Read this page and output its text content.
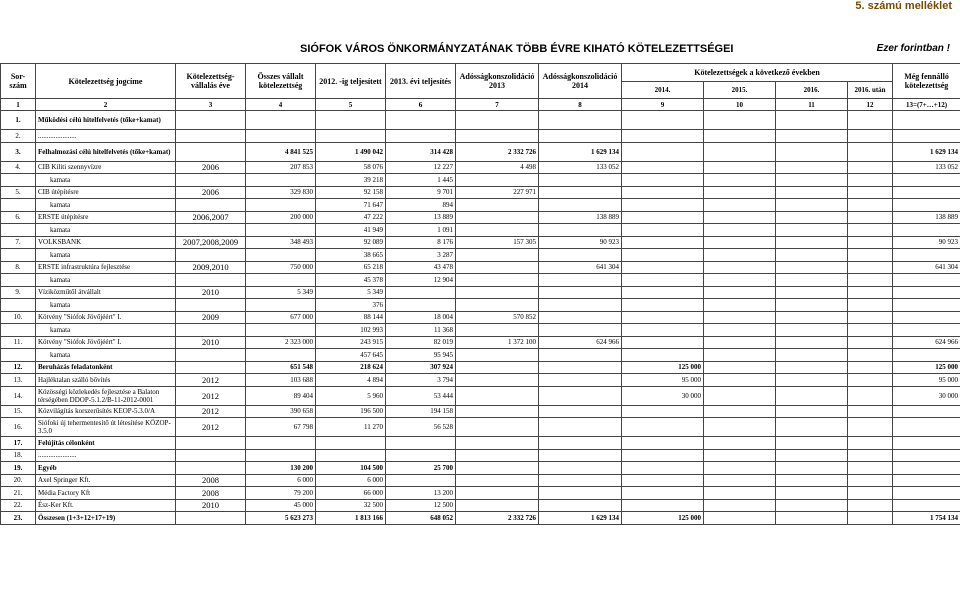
5. számú melléklet
SIÓFOK VÁROS ÖNKORMÁNYZATÁNAK TÖBB ÉVRE KIHATÓ KÖTELEZETTSÉGEI	Ezer forintban !
Sor- szám	Kötelezettség jogcíme	Kötelezettség- vállalás éve	Összes vállalt kötelezettség	2012. -ig teljesített	2013. évi teljesítés	Adósságkonszolidáció 2013	Adósságkonszolidáció 2014	Kötelezettségek a következő években				Még fennálló kötelezettség
								2014.	2015.	2016.	2016. után	
1	2	3	4	5	6	7	8	9	10	11	12	13=(7+…+12)
1.	Működési célú hitelfelvetés (tőke+kamat)											
2.	......................											
3.	Felhalmozási célú hitelfelvetés (tőke+kamat)		4 841 525	1 490 042	314 428	2 332 726	1 629 134					1 629 134
4.	CIB Kiliti szennyvízre	2006	207 853	58 076	12 227	4 498	133 052					133 052
	kamata			39 218	1 445							
5.	CIB útépítésre	2006	329 830	92 158	9 701	227 971						
	kamata			71 647	894							
6.	ERSTE útépítésre	2006,2007	200 000	47 222	13 889		138 889					138 889
	kamata			41 949	1 091							
7.	VOLKSBANK	2007,2008,2009	348 493	92 089	8 176	157 305	90 923					90 923
	kamata			38 665	3 287							
8.	ERSTE infrastruktúra fejlesztése	2009,2010	750 000	65 218	43 478		641 304					641 304
	kamata			45 378	12 904							
9.	Víziközműtől átvállalt	2010	5 349	5 349								
	kamata			376								
10.	Kötvény "Siófok Jövőjéért" I.	2009	677 000	88 144	18 004	570 852						
	kamata			102 993	11 368							
11.	Kötvény "Siófok Jövőjéért" I.	2010	2 323 000	243 915	82 019	1 372 100	624 966					624 966
	kamata			457 645	95 945							
12.	Beruházás feladatonként		651 548	218 624	307 924			125 000				125 000
13.	Hajléktalan szálló bővítés	2012	103 688	4 894	3 794			95 000				95 000
14.	Közösségi közlekedés fejlesztése a Balaton térségében DDOP-5.1.2/B-11-2012-0001	2012	89 404	5 960	53 444			30 000				30 000
15.	Közvilágítás korszerűsítés KEOP-5.3.0/A	2012	390 658	196 500	194 158							
16.	Siófoki új tehermentesítő út létesítése KÖZOP-3.5.0	2012	67 798	11 270	56 528							
17.	Felújítás célonként											
18.	......................											
19.	Egyéb		130 200	104 500	25 700							
20.	Axel Springer Kft.	2008	6 000	6 000								
21.	Média Factory Kft	2008	79 200	66 000	13 200							
22.	Ész-Ker Kft.	2010	45 000	32 500	12 500							
23.	Összesen (1+3+12+17+19)		5 623 273	1 813 166	648 052	2 332 726	1 629 134	125 000				1 754 134
